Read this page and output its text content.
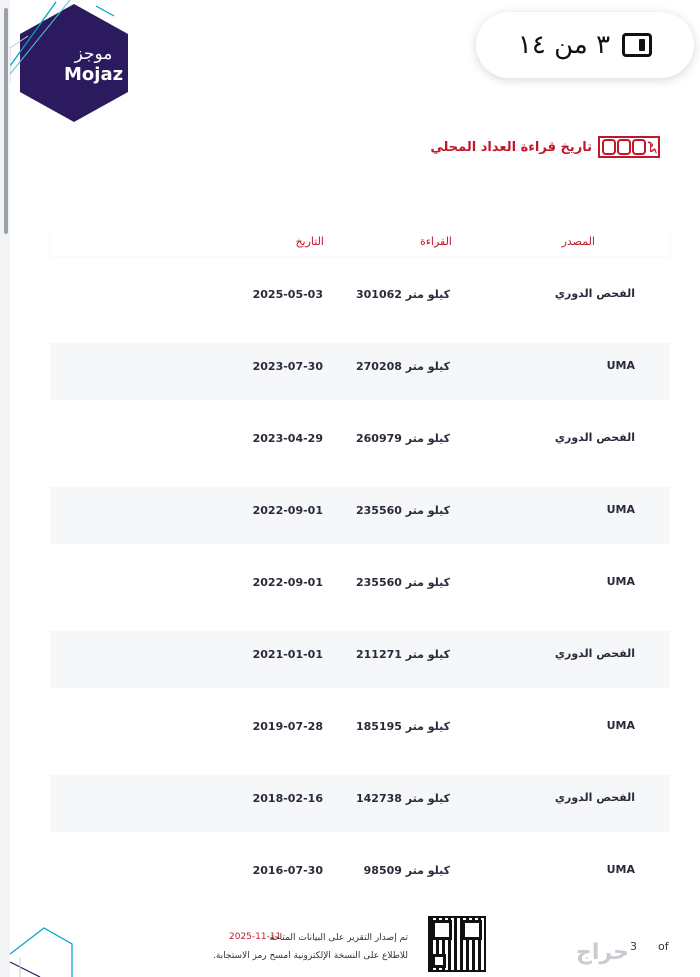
موجز
Mojaz
كم
تاريخ قراءة العداد المحلي
المصدر
القراءة
التاريخ
الفحص الدوري
301062 كيلو متر
2025-05-03
UMA
270208 كيلو متر
2023-07-30
الفحص الدوري
260979 كيلو متر
2023-04-29
UMA
235560 كيلو متر
2022-09-01
UMA
235560 كيلو متر
2022-09-01
الفحص الدوري
211271 كيلو متر
2021-01-01
UMA
185195 كيلو متر
2019-07-28
الفحص الدوري
142738 كيلو متر
2018-02-16
UMA
98509 كيلو متر
2016-07-30
2025-11-11
تم إصدار التقرير على البيانات المتاحة
للاطلاع على النسخة الإلكترونية امسح رمز الاستجابة.	حراج 3 of
٣ من ١٤
